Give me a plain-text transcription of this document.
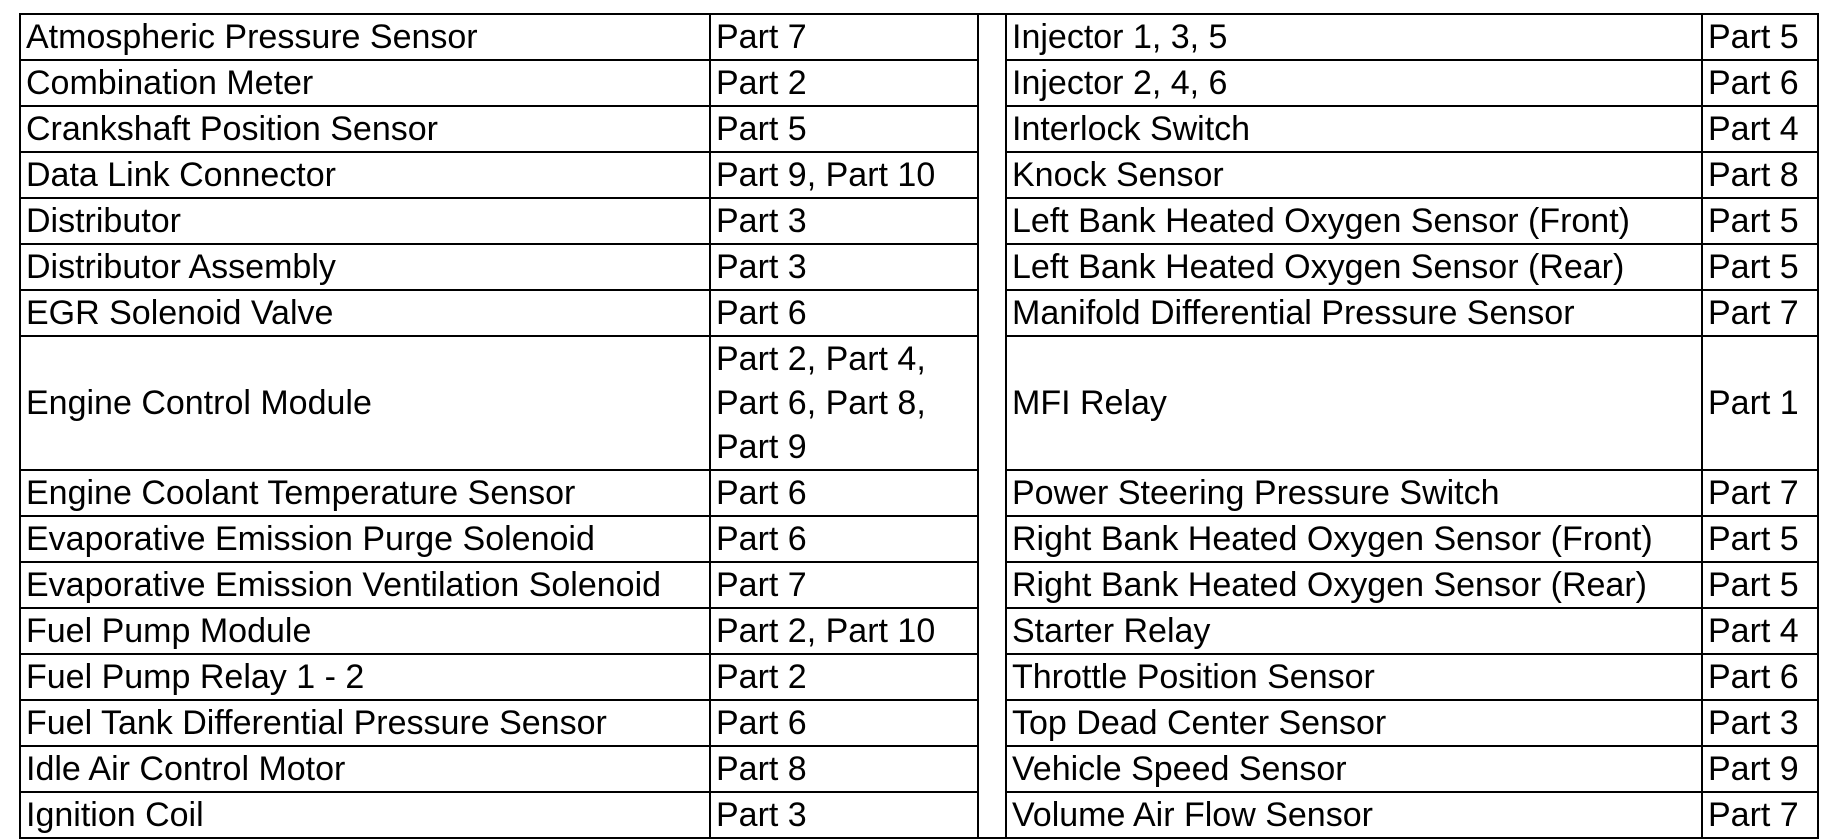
Atmospheric Pressure Sensor	Part 7		Injector 1, 3, 5	Part 5
Combination Meter	Part 2		Injector 2, 4, 6	Part 6
Crankshaft Position Sensor	Part 5		Interlock Switch	Part 4
Data Link Connector	Part 9, Part 10		Knock Sensor	Part 8
Distributor	Part 3		Left Bank Heated Oxygen Sensor (Front)	Part 5
Distributor Assembly	Part 3		Left Bank Heated Oxygen Sensor (Rear)	Part 5
EGR Solenoid Valve	Part 6		Manifold Differential Pressure Sensor	Part 7
Engine Control Module	Part 2, Part 4,
Part 6, Part 8,
Part 9		MFI Relay	Part 1
Engine Coolant Temperature Sensor	Part 6		Power Steering Pressure Switch	Part 7
Evaporative Emission Purge Solenoid	Part 6		Right Bank Heated Oxygen Sensor (Front)	Part 5
Evaporative Emission Ventilation Solenoid	Part 7		Right Bank Heated Oxygen Sensor (Rear)	Part 5
Fuel Pump Module	Part 2, Part 10		Starter Relay	Part 4
Fuel Pump Relay 1 - 2	Part 2		Throttle Position Sensor	Part 6
Fuel Tank Differential Pressure Sensor	Part 6		Top Dead Center Sensor	Part 3
Idle Air Control Motor	Part 8		Vehicle Speed Sensor	Part 9
Ignition Coil	Part 3		Volume Air Flow Sensor	Part 7
